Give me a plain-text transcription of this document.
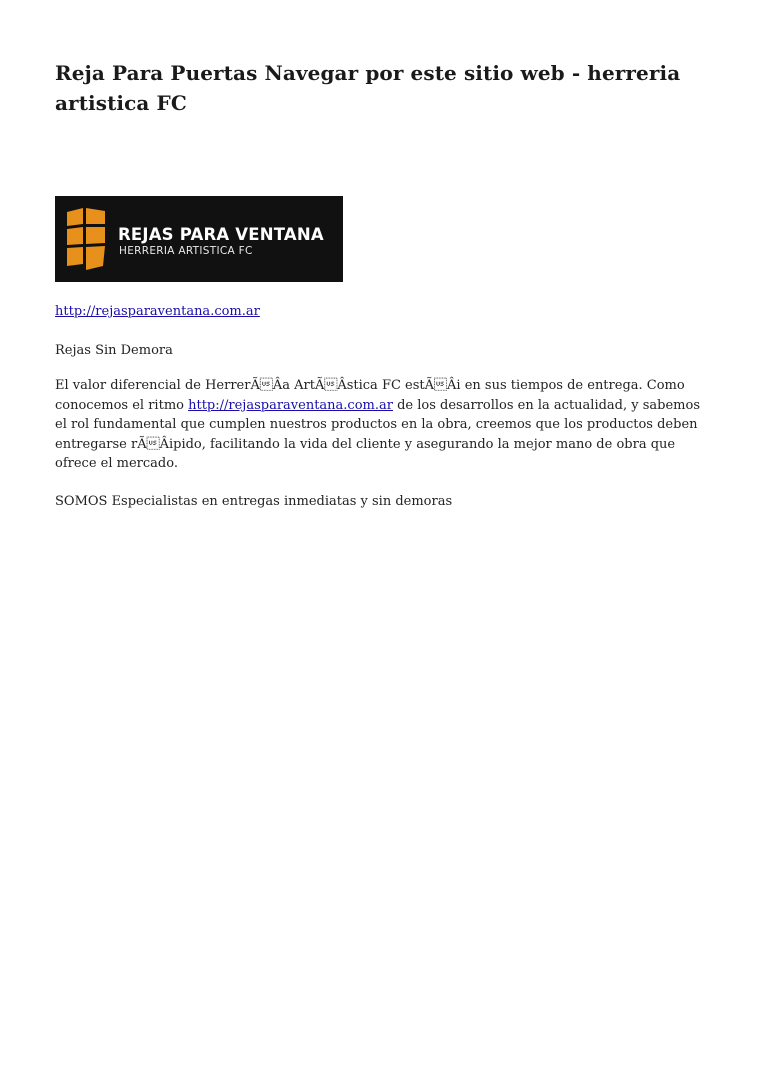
Reja Para Puertas Navegar por este sitio web - herreria artistica FC
REJAS PARA VENTANA
HERRERIA ARTISTICA FC

http://rejasparaventana.com.ar

Rejas Sin Demora

El valor diferencial de HerrerÃÂa ArtÃÂstica FC estÃÂi en sus tiempos de entrega. Como conocemos el ritmo http://rejasparaventana.com.ar de los desarrollos en la actualidad, y sabemos el rol fundamental que cumplen nuestros productos en la obra, creemos que los productos deben entregarse rÃÂipido, facilitando la vida del cliente y asegurando la mejor mano de obra que ofrece el mercado.

SOMOS Especialistas en entregas inmediatas y sin demoras
